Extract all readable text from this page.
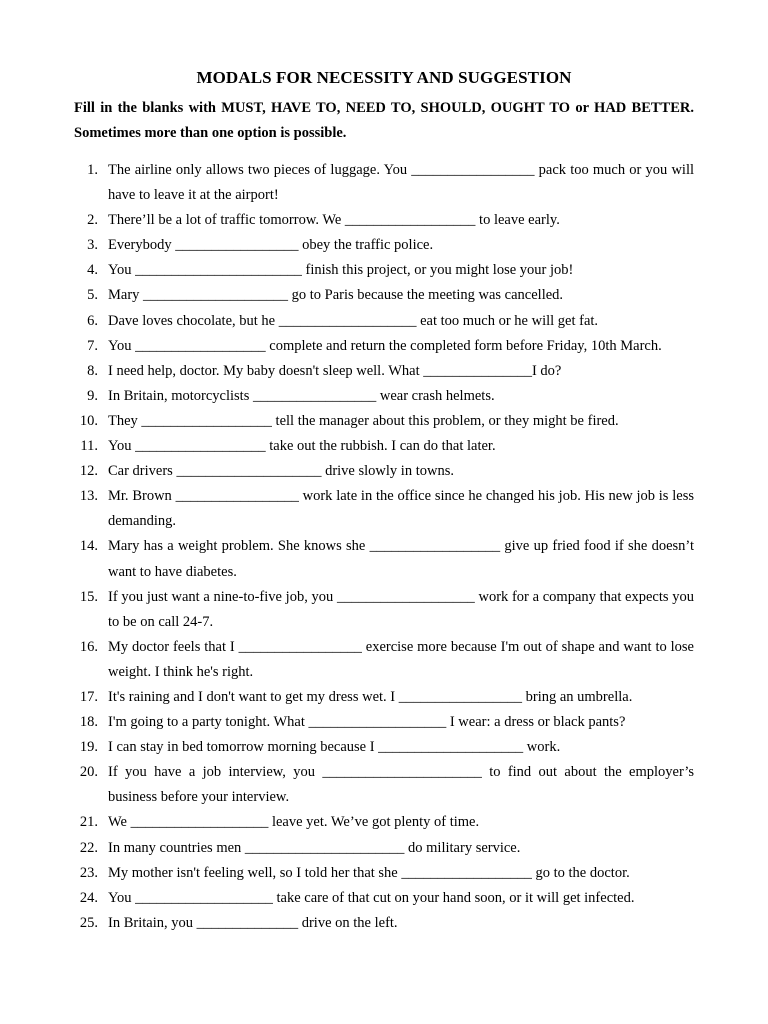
MODALS FOR NECESSITY AND SUGGESTION

Fill in the blanks with MUST, HAVE TO, NEED TO, SHOULD, OUGHT TO or HAD BETTER. Sometimes more than one option is possible.

1. The airline only allows two pieces of luggage. You _________________ pack too much or you will have to leave it at the airport!
2. There’ll be a lot of traffic tomorrow. We __________________ to leave early.
3. Everybody _________________ obey the traffic police.
4. You _______________________ finish this project, or you might lose your job!
5. Mary ____________________ go to Paris because the meeting was cancelled.
6. Dave loves chocolate, but he ___________________ eat too much or he will get fat.
7. You __________________ complete and return the completed form before Friday, 10th March.
8. I need help, doctor. My baby doesn't sleep well. What _______________I do?
9. In Britain, motorcyclists _________________ wear crash helmets.
10. They __________________ tell the manager about this problem, or they might be fired.
11. You __________________ take out the rubbish. I can do that later.
12. Car drivers ____________________ drive slowly in towns.
13. Mr. Brown _________________ work late in the office since he changed his job. His new job is less demanding.
14. Mary has a weight problem. She knows she __________________ give up fried food if she doesn’t want to have diabetes.
15. If you just want a nine-to-five job, you ___________________ work for a company that expects you to be on call 24-7.
16. My doctor feels that I _________________ exercise more because I'm out of shape and want to lose weight. I think he's right.
17. It's raining and I don't want to get my dress wet. I _________________ bring an umbrella.
18. I'm going to a party tonight. What ___________________ I wear: a dress or black pants?
19. I can stay in bed tomorrow morning because I ____________________ work.
20. If you have a job interview, you ______________________ to find out about the employer’s business before your interview.
21. We ___________________ leave yet. We’ve got plenty of time.
22. In many countries men ______________________ do military service.
23. My mother isn't feeling well, so I told her that she __________________ go to the doctor.
24. You ___________________ take care of that cut on your hand soon, or it will get infected.
25. In Britain, you ______________ drive on the left.
